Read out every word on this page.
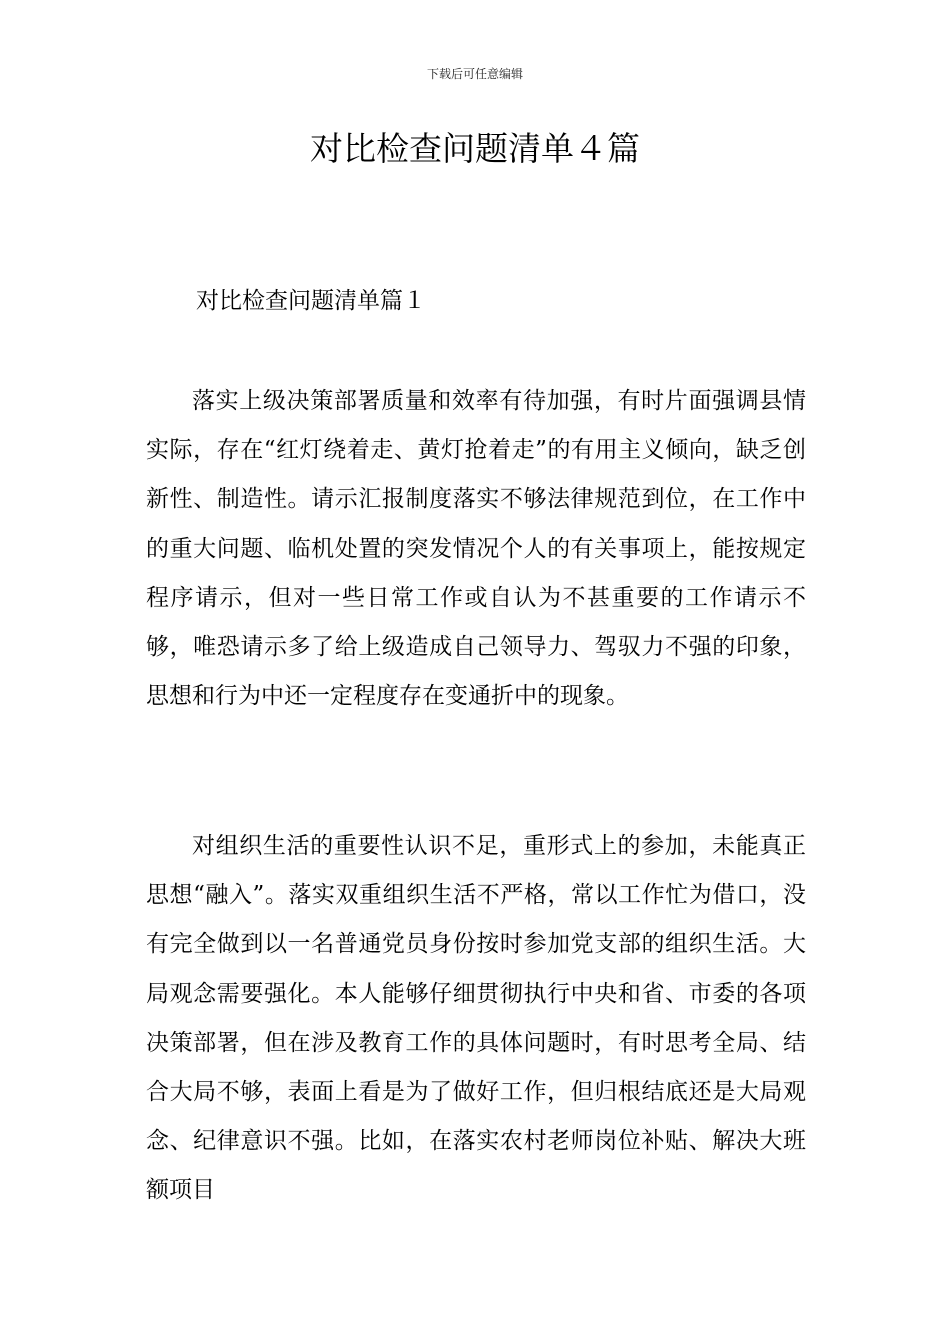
下载后可任意编辑
对比检查问题清单４篇
对比检查问题清单篇１

落实上级决策部署质量和效率有待加强，有时片面强调县情实际，存在“红灯绕着走、黄灯抢着走”的有用主义倾向，缺乏创新性、制造性。请示汇报制度落实不够法律规范到位，在工作中的重大问题、临机处置的突发情况个人的有关事项上，能按规定程序请示，但对一些日常工作或自认为不甚重要的工作请示不够，唯恐请示多了给上级造成自己领导力、驾驭力不强的印象，思想和行为中还一定程度存在变通折中的现象。

对组织生活的重要性认识不足，重形式上的参加，未能真正思想“融入”。落实双重组织生活不严格，常以工作忙为借口，没有完全做到以一名普通党员身份按时参加党支部的组织生活。大局观念需要强化。本人能够仔细贯彻执行中央和省、市委的各项决策部署，但在涉及教育工作的具体问题时，有时思考全局、结合大局不够，表面上看是为了做好工作，但归根结底还是大局观念、纪律意识不强。比如，在落实农村老师岗位补贴、解决大班额项目
